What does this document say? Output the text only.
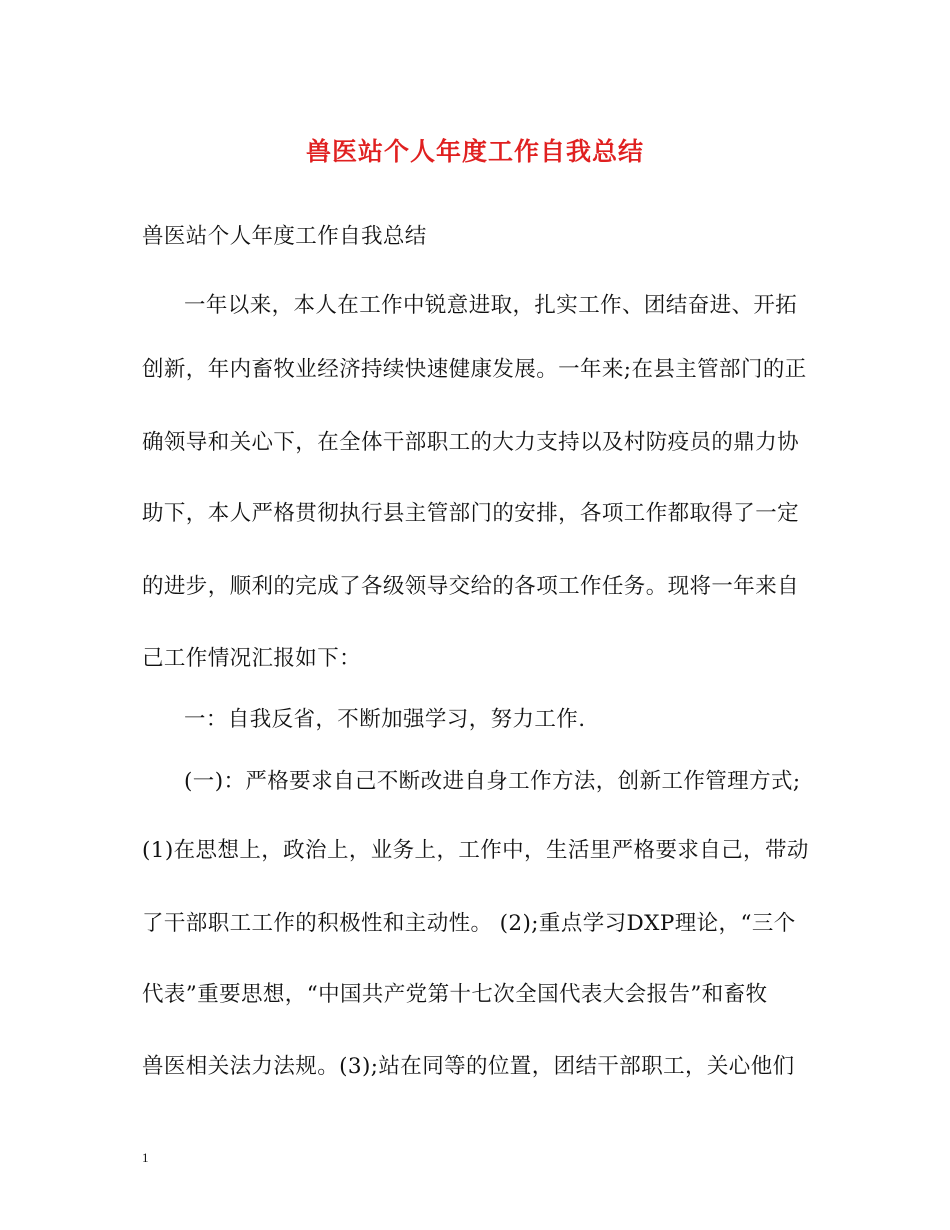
兽医站个人年度工作自我总结
兽医站个人年度工作自我总结
一年以来，本人在工作中锐意进取，扎实工作、团结奋进、开拓
创新，年内畜牧业经济持续快速健康发展。一年来;在县主管部门的正
确领导和关心下，在全体干部职工的大力支持以及村防疫员的鼎力协
助下，本人严格贯彻执行县主管部门的安排，各项工作都取得了一定
的进步，顺利的完成了各级领导交给的各项工作任务。现将一年来自
己工作情况汇报如下：
一：自我反省，不断加强学习，努力工作.
(一)：严格要求自己不断改进自身工作方法，创新工作管理方式;
(1)在思想上，政治上，业务上，工作中，生活里严格要求自己，带动
了干部职工工作的积极性和主动性。 (2);重点学习DXP理论，“三个
代表”重要思想，“中国共产党第十七次全国代表大会报告”和畜牧
兽医相关法力法规。(3);站在同等的位置，团结干部职工，关心他们
1
